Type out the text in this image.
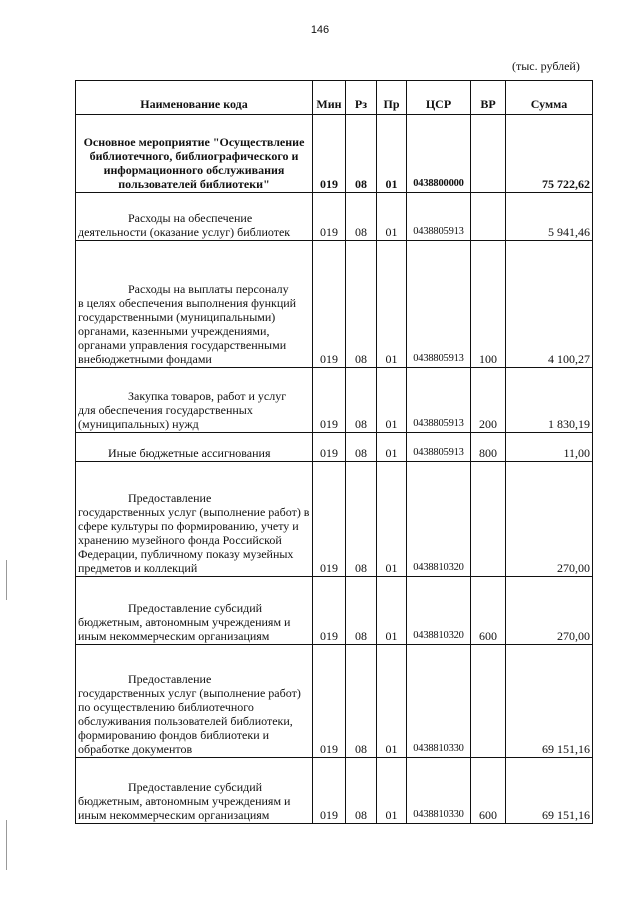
146
(тыс. рублей)
Наименование кода	Мин	Рз	Пр	ЦСР	ВР	Сумма
Основное мероприятие "Осуществление библиотечного, библиографического и информационного обслуживания пользователей библиотеки"	019	08	01	0438800000		75 722,62

Расходы на обеспечение
деятельности (оказание услуг) библиотек	019	08	01	0438805913		5 941,46

Расходы на выплаты персоналу
в целях обеспечения выполнения функций государственными (муниципальными) органами, казенными учреждениями, органами управления государственными внебюджетными фондами	019	08	01	0438805913	100	4 100,27

Закупка товаров, работ и услуг
для обеспечения государственных (муниципальных) нужд	019	08	01	0438805913	200	1 830,19

Иные бюджетные ассигнования	019	08	01	0438805913	800	11,00

Предоставление
государственных услуг (выполнение работ) в сфере культуры по формированию, учету и хранению музейного фонда Российской Федерации, публичному показу музейных предметов и коллекций	019	08	01	0438810320		270,00

Предоставление субсидий
бюджетным, автономным учреждениям и иным некоммерческим организациям	019	08	01	0438810320	600	270,00

Предоставление
государственных услуг (выполнение работ) по осуществлению библиотечного обслуживания пользователей библиотеки, формированию фондов библиотеки и обработке документов	019	08	01	0438810330		69 151,16

Предоставление субсидий
бюджетным, автономным учреждениям и иным некоммерческим организациям	019	08	01	0438810330	600	69 151,16
